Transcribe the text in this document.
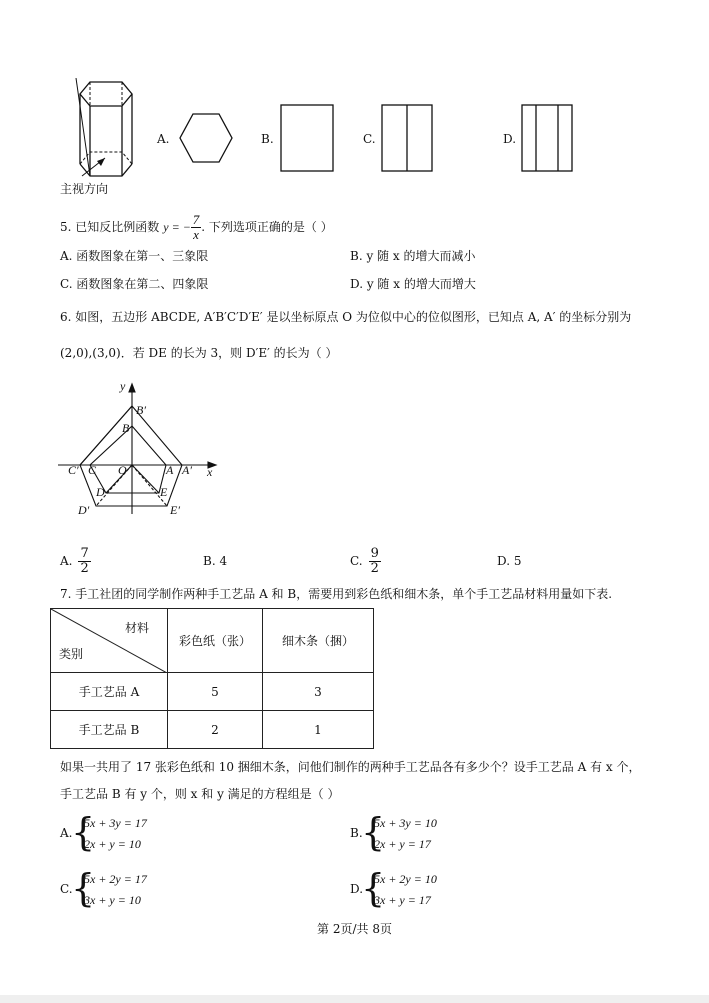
主视方向
A.	B.	C.	D.
5. 已知反比例函数 y = − $\frac{7}{x}$ . 下列选项正确的是（ ）
A. 函数图象在第一、三象限	B. y 随 x 的增大而减小
C. 函数图象在第二、四象限	D. y 随 x 的增大而增大
6. 如图，五边形 ABCDE, A′B′C′D′E′ 是以坐标原点 O 为位似中心的位似图形，已知点 A, A′ 的坐标分别为
(2,0),(3,0)．若 DE 的长为 3，则 D′E′ 的长为（ ）
y
x
B′
B
C′ C O	A A′
D	E
D′	E′
A. $\frac{7}{2}$	B. 4	C. $\frac{9}{2}$	D. 5
7. 手工社团的同学制作两种手工艺品 A 和 B，需要用到彩色纸和细木条，单个手工艺品材料用量如下表.
材料
类别	彩色纸（张）	细木条（捆）
手工艺品 A	5	3
手工艺品 B	2	1
如果一共用了 17 张彩色纸和 10 捆细木条，问他们制作的两种手工艺品各有多少个？设手工艺品 A 有 x 个，
手工艺品 B 有 y 个，则 x 和 y 满足的方程组是（ ）
A.
{
5x + 3y = 17
2x + y = 10
B.
{
5x + 3y = 10
2x + y = 17
C.
{
5x + 2y = 17
3x + y = 10
D.
{
5x + 2y = 10
3x + y = 17
第 2页/共 8页
